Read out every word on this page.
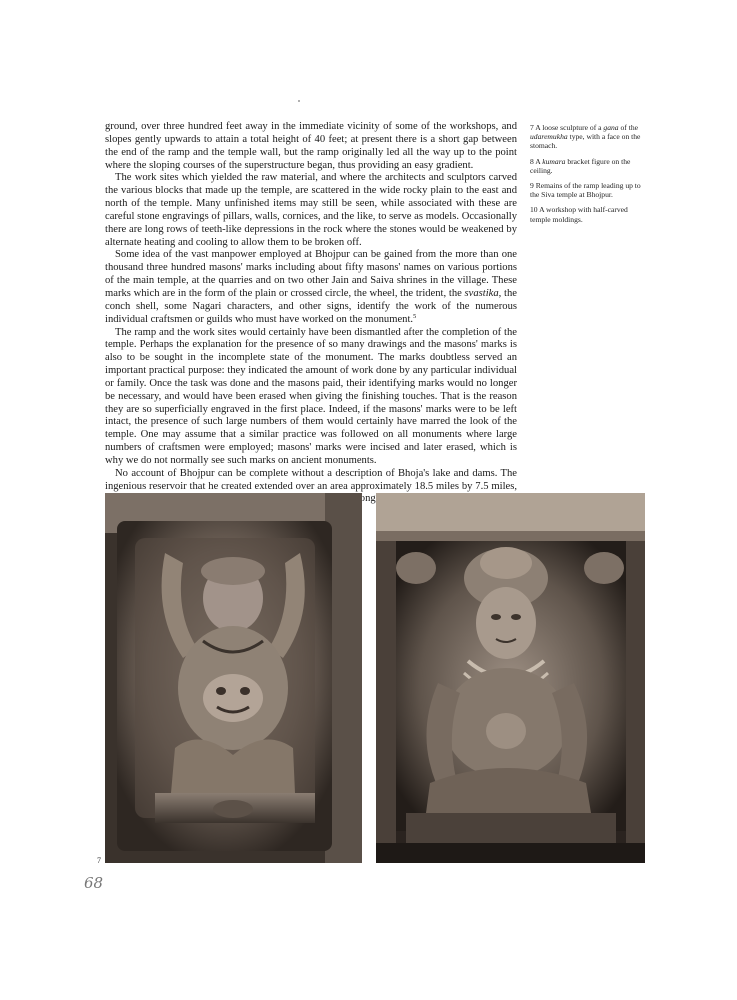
ground, over three hundred feet away in the immediate vicinity of some of the workshops, and slopes gently upwards to attain a total height of 40 feet; at present there is a short gap between the end of the ramp and the temple wall, but the ramp originally led all the way up to the point where the sloping courses of the superstructure began, thus providing an easy gradient.

The work sites which yielded the raw material, and where the architects and sculptors carved the various blocks that made up the temple, are scattered in the wide rocky plain to the east and north of the temple. Many unfinished items may still be seen, while associated with these are careful stone engravings of pillars, walls, cornices, and the like, to serve as models. Occasionally there are long rows of teeth-like depressions in the rock where the stones would be weakened by alternate heating and cooling to allow them to be broken off.

Some idea of the vast manpower employed at Bhojpur can be gained from the more than one thousand three hundred masons' marks including about fifty masons' names on various portions of the main temple, at the quarries and on two other Jain and Saiva shrines in the village. These marks which are in the form of the plain or crossed circle, the wheel, the trident, the svastika, the conch shell, some Nagari characters, and other signs, identify the work of the numerous individual craftsmen or guilds who must have worked on the monument.$^5$

The ramp and the work sites would certainly have been dismantled after the completion of the temple. Perhaps the explanation for the presence of so many drawings and the masons' marks is also to be sought in the incomplete state of the monument. The marks doubtless served an important practical purpose: they indicated the amount of work done by any particular individual or family. Once the task was done and the masons paid, their identifying marks would no longer be necessary, and would have been erased when giving the finishing touches. That is the reason they are so superficially engraved in the first place. Indeed, if the masons' marks were to be left intact, the presence of such large numbers of them would certainly have marred the look of the temple. One may assume that a similar practice was followed on all monuments where large numbers of craftsmen were employed; masons' marks were incised and later erased, which is why we do not normally see such marks on ancient monuments.

No account of Bhojpur can be complete without a description of Bhoja's lake and dams. The ingenious reservoir that he created extended over an area approximately 18.5 miles by 7.5 miles, along

7 A loose sculpture of a gana of the udaremukha type, with a face on the stomach.

8 A kumara bracket figure on the ceiling.

9 Remains of the ramp leading up to the Siva temple at Bhojpur.

10 A workshop with half-carved temple moldings.

7
68
